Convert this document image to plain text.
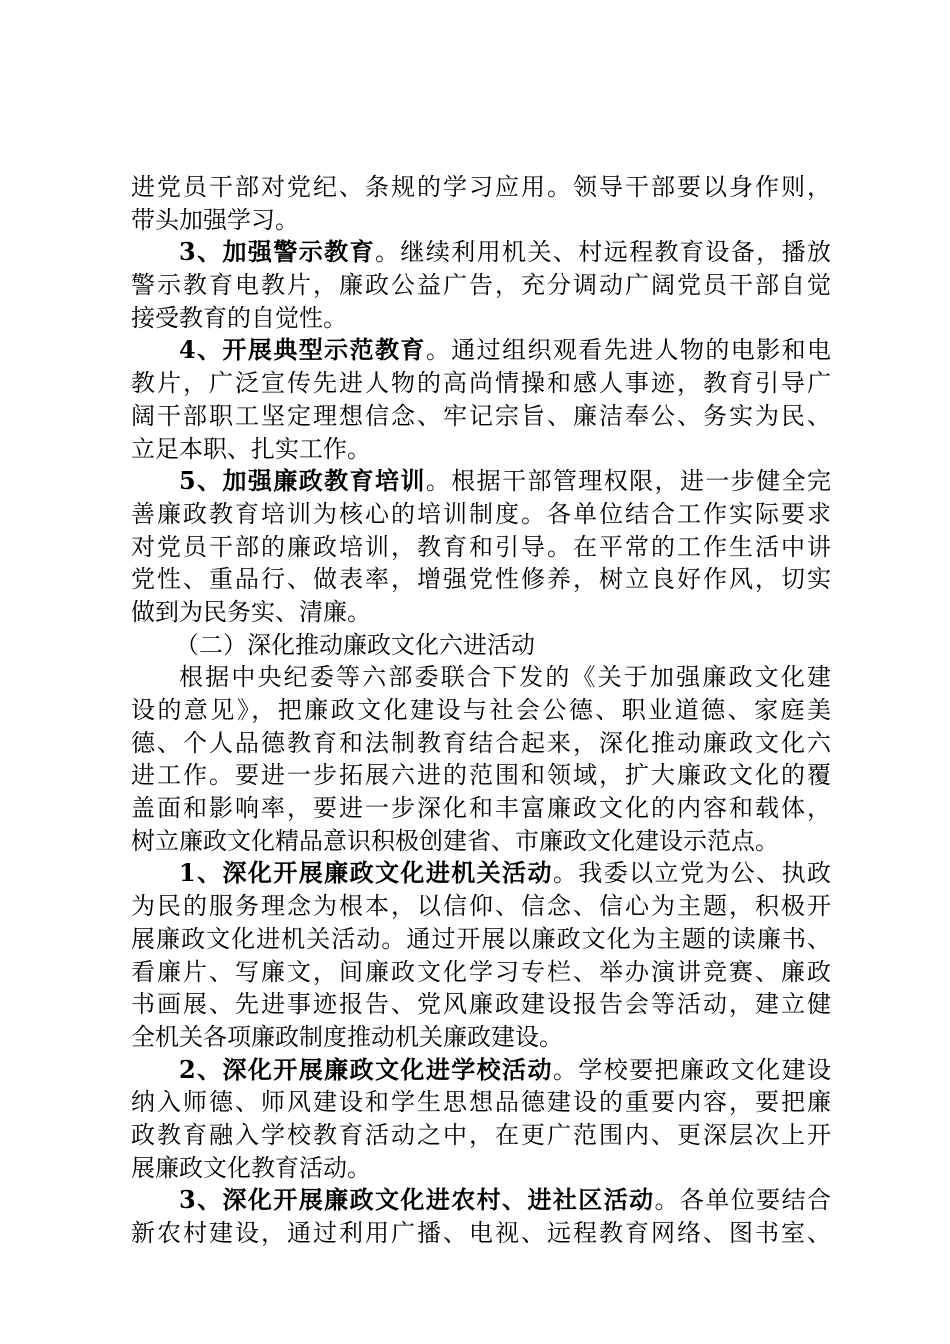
进党员干部对党纪、条规的学习应用。领导干部要以身作则，
带头加强学习。
3、加强警示教育。继续利用机关、村远程教育设备，播放
警示教育电教片，廉政公益广告，充分调动广阔党员干部自觉
接受教育的自觉性。
4、开展典型示范教育。通过组织观看先进人物的电影和电
教片，广泛宣传先进人物的高尚情操和感人事迹，教育引导广
阔干部职工坚定理想信念、牢记宗旨、廉洁奉公、务实为民、
立足本职、扎实工作。
5、加强廉政教育培训。根据干部管理权限，进一步健全完
善廉政教育培训为核心的培训制度。各单位结合工作实际要求
对党员干部的廉政培训，教育和引导。在平常的工作生活中讲
党性、重品行、做表率，增强党性修养，树立良好作风，切实
做到为民务实、清廉。
（二）深化推动廉政文化六进活动
根据中央纪委等六部委联合下发的《关于加强廉政文化建
设的意见》，把廉政文化建设与社会公德、职业道德、家庭美
德、个人品德教育和法制教育结合起来，深化推动廉政文化六
进工作。要进一步拓展六进的范围和领域，扩大廉政文化的覆
盖面和影响率，要进一步深化和丰富廉政文化的内容和载体，
树立廉政文化精品意识积极创建省、市廉政文化建设示范点。
1、深化开展廉政文化进机关活动。我委以立党为公、执政
为民的服务理念为根本，以信仰、信念、信心为主题，积极开
展廉政文化进机关活动。通过开展以廉政文化为主题的读廉书、
看廉片、写廉文，间廉政文化学习专栏、举办演讲竞赛、廉政
书画展、先进事迹报告、党风廉政建设报告会等活动，建立健
全机关各项廉政制度推动机关廉政建设。
2、深化开展廉政文化进学校活动。学校要把廉政文化建设
纳入师德、师风建设和学生思想品德建设的重要内容，要把廉
政教育融入学校教育活动之中，在更广范围内、更深层次上开
展廉政文化教育活动。
3、深化开展廉政文化进农村、进社区活动。各单位要结合
新农村建设，通过利用广播、电视、远程教育网络、图书室、
